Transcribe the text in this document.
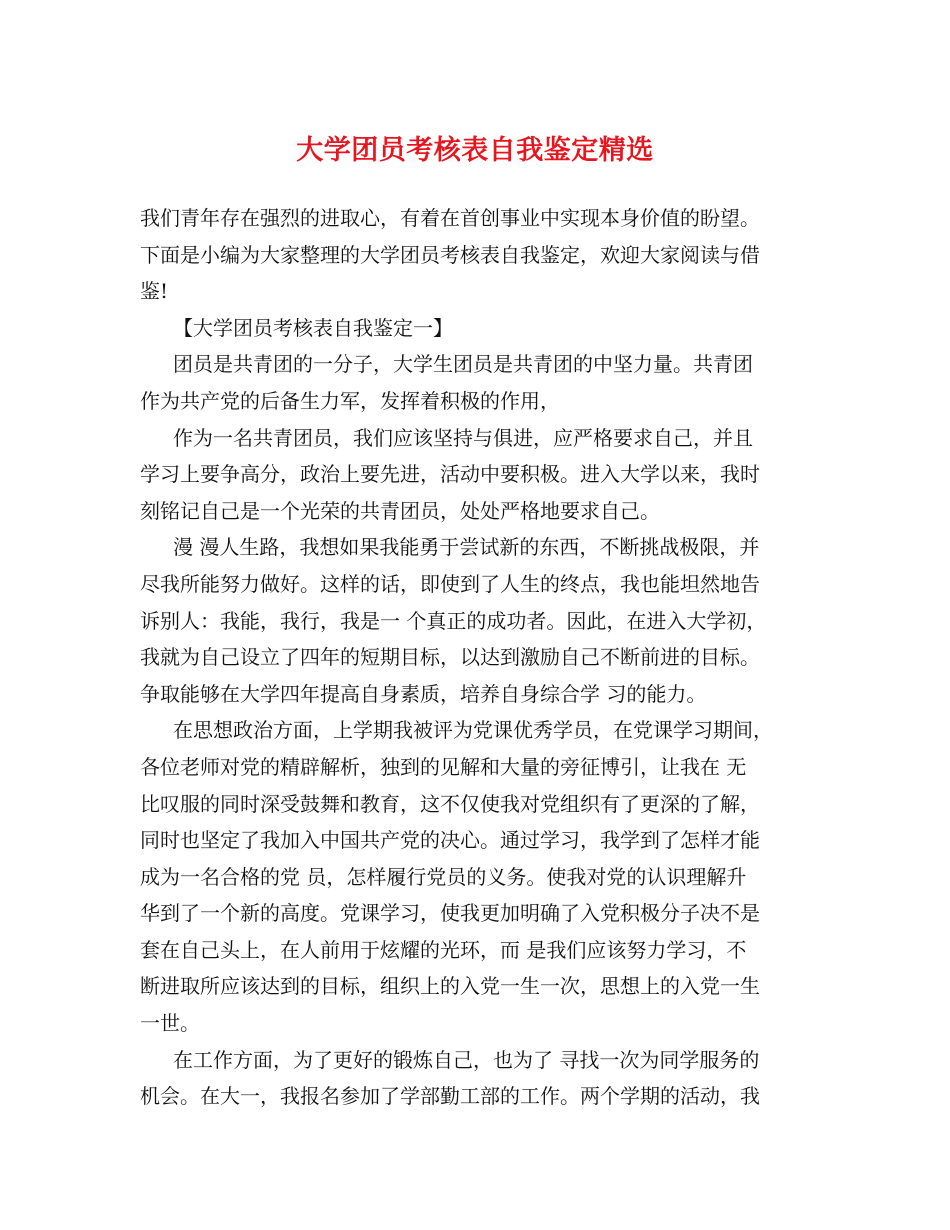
大学团员考核表自我鉴定精选

我们青年存在强烈的进取心，有着在首创事业中实现本身价值的盼望。

下面是小编为大家整理的大学团员考核表自我鉴定，欢迎大家阅读与借

鉴!

【大学团员考核表自我鉴定一】

团员是共青团的一分子，大学生团员是共青团的中坚力量。共青团

作为共产党的后备生力军，发挥着积极的作用，

作为一名共青团员，我们应该坚持与俱进，应严格要求自己，并且

学习上要争高分，政治上要先进，活动中要积极。进入大学以来，我时

刻铭记自己是一个光荣的共青团员，处处严格地要求自己。

漫 漫人生路，我想如果我能勇于尝试新的东西，不断挑战极限，并

尽我所能努力做好。这样的话，即使到了人生的终点，我也能坦然地告

诉别人：我能，我行，我是一 个真正的成功者。因此，在进入大学初，

我就为自己设立了四年的短期目标，以达到激励自己不断前进的目标。

争取能够在大学四年提高自身素质，培养自身综合学 习的能力。

在思想政治方面，上学期我被评为党课优秀学员，在党课学习期间，

各位老师对党的精辟解析，独到的见解和大量的旁征博引，让我在 无

比叹服的同时深受鼓舞和教育，这不仅使我对党组织有了更深的了解，

同时也坚定了我加入中国共产党的决心。通过学习，我学到了怎样才能

成为一名合格的党 员，怎样履行党员的义务。使我对党的认识理解升

华到了一个新的高度。党课学习，使我更加明确了入党积极分子决不是

套在自己头上，在人前用于炫耀的光环，而 是我们应该努力学习，不

断进取所应该达到的目标，组织上的入党一生一次，思想上的入党一生

一世。

在工作方面，为了更好的锻炼自己，也为了 寻找一次为同学服务的

机会。在大一，我报名参加了学部勤工部的工作。两个学期的活动，我
